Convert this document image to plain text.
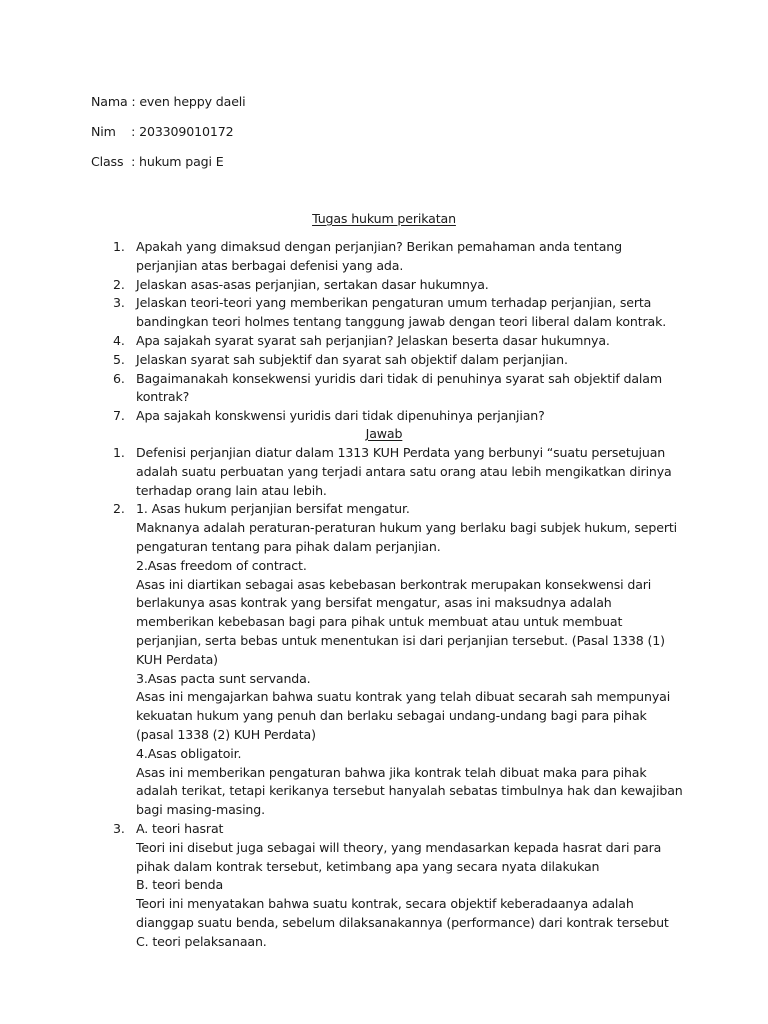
Nama : even heppy daeli
Nim    : 203309010172
Class  : hukum pagi E
Tugas hukum perikatan
1. Apakah yang dimaksud dengan perjanjian? Berikan pemahaman anda tentang perjanjian atas berbagai defenisi yang ada.
2. Jelaskan asas-asas perjanjian, sertakan dasar hukumnya.
3. Jelaskan teori-teori yang memberikan pengaturan umum terhadap perjanjian, serta bandingkan teori holmes tentang tanggung jawab dengan teori liberal dalam kontrak.
4. Apa sajakah syarat syarat sah perjanjian? Jelaskan beserta dasar hukumnya.
5. Jelaskan syarat sah subjektif dan syarat sah objektif dalam perjanjian.
6. Bagaimanakah konsekwensi yuridis dari tidak di penuhinya syarat sah objektif dalam kontrak?
7. Apa sajakah konskwensi yuridis dari tidak dipenuhinya perjanjian?
Jawab
1. Defenisi perjanjian diatur dalam 1313 KUH Perdata yang berbunyi “suatu persetujuan adalah suatu perbuatan yang terjadi antara satu orang atau lebih mengikatkan dirinya terhadap orang lain atau lebih.
2. 1. Asas hukum perjanjian bersifat mengatur.
Maknanya adalah peraturan-peraturan hukum yang berlaku bagi subjek hukum, seperti pengaturan tentang para pihak dalam perjanjian.
2.Asas freedom of contract.
Asas ini diartikan sebagai asas kebebasan berkontrak merupakan konsekwensi dari berlakunya asas kontrak yang bersifat mengatur, asas ini maksudnya adalah memberikan kebebasan bagi para pihak untuk membuat atau untuk membuat perjanjian, serta bebas untuk menentukan isi dari perjanjian tersebut. (Pasal 1338 (1) KUH Perdata)
3.Asas pacta sunt servanda.
Asas ini mengajarkan bahwa suatu kontrak yang telah dibuat secarah sah mempunyai kekuatan hukum yang penuh dan berlaku sebagai undang-undang bagi para pihak (pasal 1338 (2) KUH Perdata)
4.Asas obligatoir.
Asas ini memberikan pengaturan bahwa jika kontrak telah dibuat maka para pihak adalah terikat, tetapi kerikanya tersebut hanyalah sebatas timbulnya hak dan kewajiban bagi masing-masing.
3. A. teori hasrat
Teori ini disebut juga sebagai will theory, yang mendasarkan kepada hasrat dari para pihak dalam kontrak tersebut, ketimbang apa yang secara nyata dilakukan
B. teori benda
Teori ini menyatakan bahwa suatu kontrak, secara objektif keberadaanya adalah dianggap suatu benda, sebelum dilaksanakannya (performance) dari kontrak tersebut
C. teori pelaksanaan.
